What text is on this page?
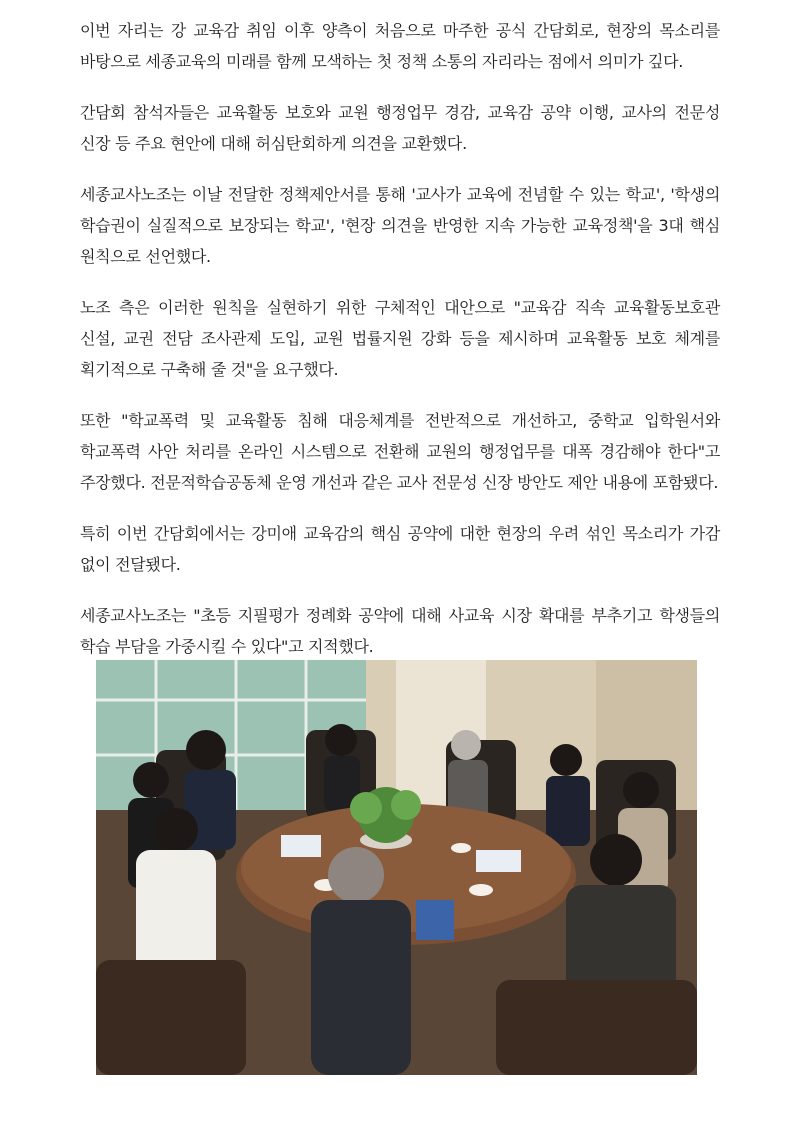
이번 자리는 강 교육감 취임 이후 양측이 처음으로 마주한 공식 간담회로, 현장의 목소리를 바탕으로 세종교육의 미래를 함께 모색하는 첫 정책 소통의 자리라는 점에서 의미가 깊다.

간담회 참석자들은 교육활동 보호와 교원 행정업무 경감, 교육감 공약 이행, 교사의 전문성 신장 등 주요 현안에 대해 허심탄회하게 의견을 교환했다.

세종교사노조는 이날 전달한 정책제안서를 통해 '교사가 교육에 전념할 수 있는 학교', '학생의 학습권이 실질적으로 보장되는 학교', '현장 의견을 반영한 지속 가능한 교육정책'을 3대 핵심 원칙으로 선언했다.

노조 측은 이러한 원칙을 실현하기 위한 구체적인 대안으로 "교육감 직속 교육활동보호관 신설, 교권 전담 조사관제 도입, 교원 법률지원 강화 등을 제시하며 교육활동 보호 체계를 획기적으로 구축해 줄 것"을 요구했다.

또한 "학교폭력 및 교육활동 침해 대응체계를 전반적으로 개선하고, 중학교 입학원서와 학교폭력 사안 처리를 온라인 시스템으로 전환해 교원의 행정업무를 대폭 경감해야 한다"고 주장했다. 전문적학습공동체 운영 개선과 같은 교사 전문성 신장 방안도 제안 내용에 포함됐다.

특히 이번 간담회에서는 강미애 교육감의 핵심 공약에 대한 현장의 우려 섞인 목소리가 가감 없이 전달됐다.

세종교사노조는 "초등 지필평가 정례화 공약에 대해 사교육 시장 확대를 부추기고 학생들의 학습 부담을 가중시킬 수 있다"고 지적했다.
